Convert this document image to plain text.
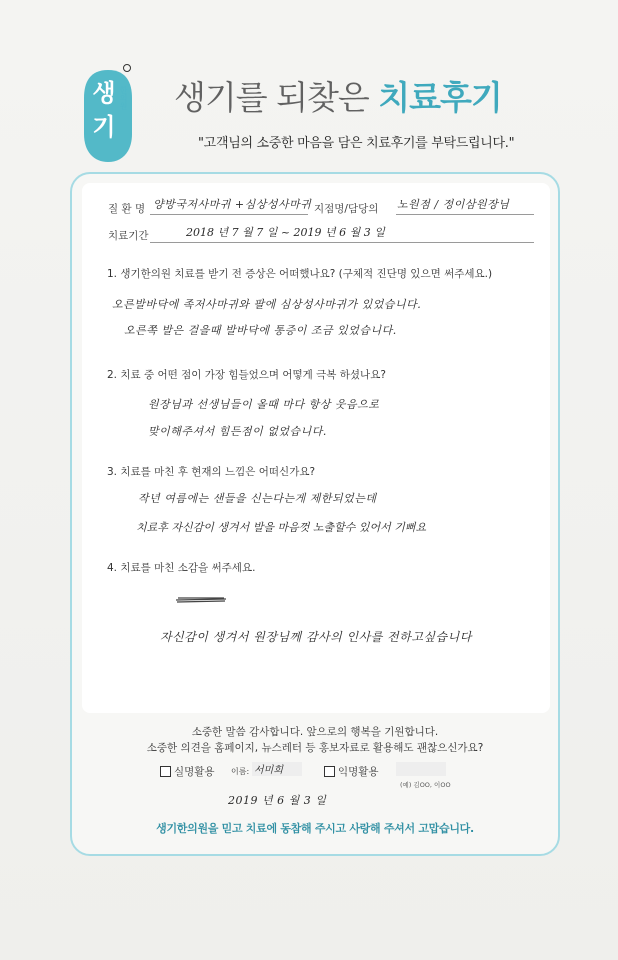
생기
한의원 생기를 되찾은 치료후기
"고객님의 소중한 마음을 담은 치료후기를 부탁드립니다."
질 환 명 양방국저사마귀 +심상성사마귀 지점명/담당의 노원점 / 정이삼원장님
치료기간	2018 년 7 월 7 일 ~ 2019 년 6 월 3 일
1. 생기한의원 치료를 받기 전 증상은 어떠했나요? (구체적 진단명 있으면 써주세요.)
오른발바닥에 족저사마귀와 팔에 심상성사마귀가 있었습니다.
오른쪽 발은 걸을때 발바닥에 통증이 조금 있었습니다.
2. 치료 중 어떤 점이 가장 힘들었으며 어떻게 극복 하셨나요?
원장님과 선생님들이 올때 마다 항상 웃음으로
맞이해주셔서 힘든점이 없었습니다.
3. 치료를 마친 후 현재의 느낌은 어떠신가요?
작년 여름에는 샌들을 신는다는게 제한되었는데
치료후 자신감이 생겨서 발을 마음껏 노출할수 있어서 기뻐요
4. 치료를 마친 소감을 써주세요.
자신감이 생겨서 원장님께 감사의 인사를 전하고싶습니다
소중한 말씀 감사합니다. 앞으로의 행복을 기원합니다.
소중한 의견을 홈페이지, 뉴스레터 등 홍보자료로 활용해도 괜찮으신가요?
실명활용 이름: 서미희	익명활용
(예) 김OO, 이OO
2019 년 6 월 3 일
생기한의원을 믿고 치료에 동참해 주시고 사랑해 주셔서 고맙습니다.
